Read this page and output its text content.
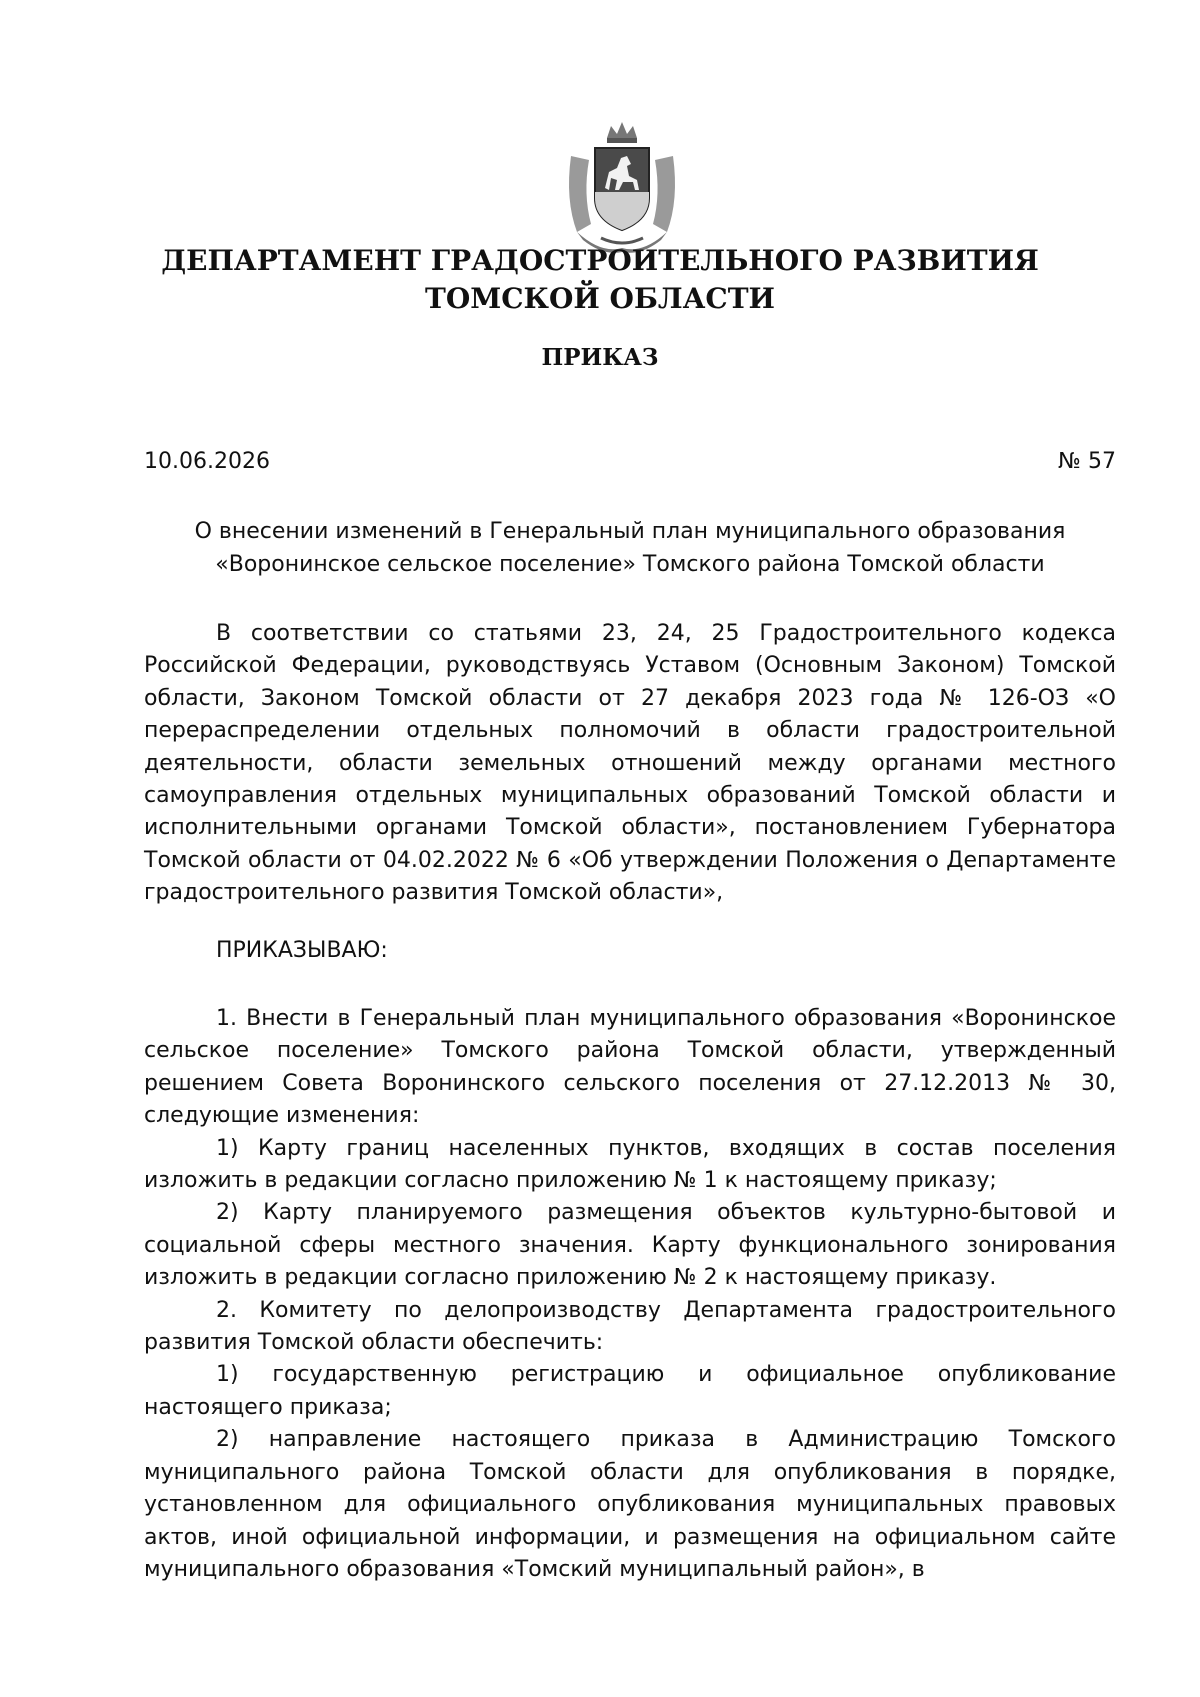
ДЕПАРТАМЕНТ ГРАДОСТРОИТЕЛЬНОГО РАЗВИТИЯ
ТОМСКОЙ ОБЛАСТИ
ПРИКАЗ
10.06.2026	№ 57
О внесении изменений в Генеральный план муниципального образования
«Воронинское сельское поселение» Томского района Томской области

В соответствии со статьями 23, 24, 25 Градостроительного кодекса Российской Федерации, руководствуясь Уставом (Основным Законом) Томской области, Законом Томской области от 27 декабря 2023 года № 126-ОЗ «О перераспределении отдельных полномочий в области градостроительной деятельности, области земельных отношений между органами местного самоуправления отдельных муниципальных образований Томской области и исполнительными органами Томской области», постановлением Губернатора Томской области от 04.02.2022 № 6 «Об утверждении Положения о Департаменте градостроительного развития Томской области»,

ПРИКАЗЫВАЮ:

1. Внести в Генеральный план муниципального образования «Воронинское сельское поселение» Томского района Томской области, утвержденный решением Совета Воронинского сельского поселения от 27.12.2013 № 30, следующие изменения:

1) Карту границ населенных пунктов, входящих в состав поселения изложить в редакции согласно приложению № 1 к настоящему приказу;

2) Карту планируемого размещения объектов культурно-бытовой и социальной сферы местного значения. Карту функционального зонирования изложить в редакции согласно приложению № 2 к настоящему приказу.

2. Комитету по делопроизводству Департамента градостроительного развития Томской области обеспечить:

1) государственную регистрацию и официальное опубликование настоящего приказа;

2) направление настоящего приказа в Администрацию Томского муниципального района Томской области для опубликования в порядке, установленном для официального опубликования муниципальных правовых актов, иной официальной информации, и размещения на официальном сайте муниципального образования «Томский муниципальный район», в
